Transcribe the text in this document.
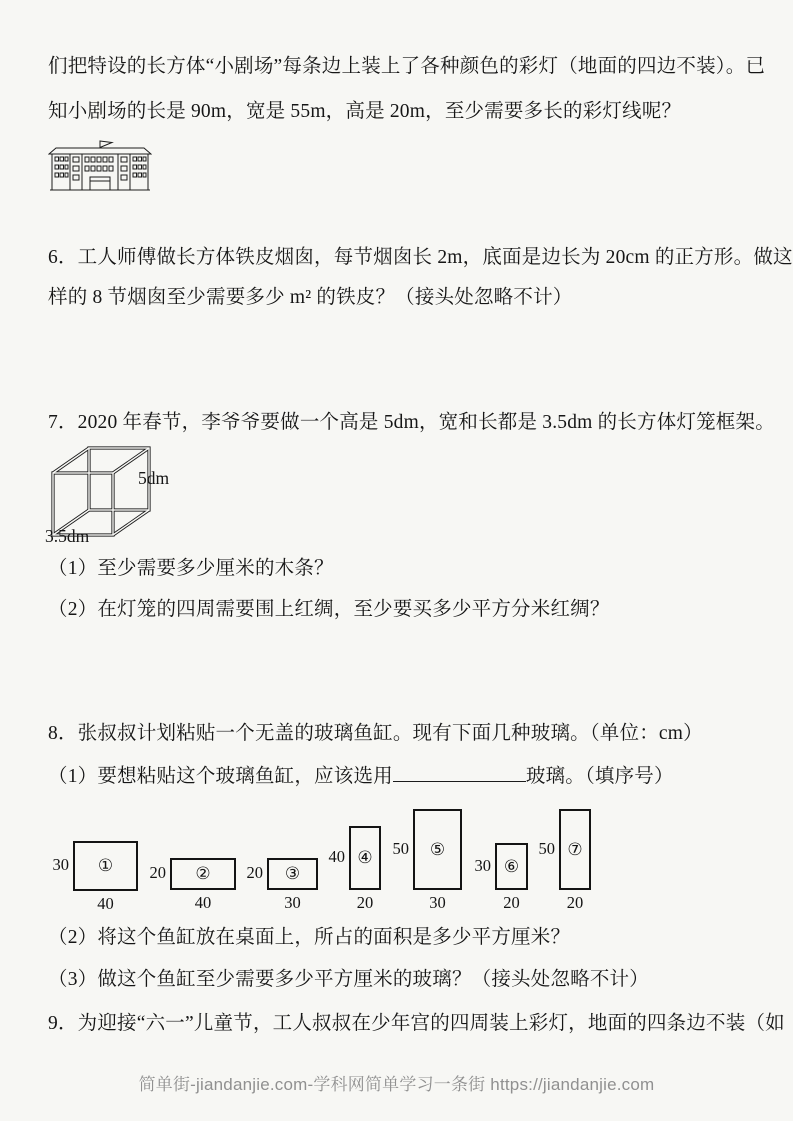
们把特设的长方体“小剧场”每条边上装上了各种颜色的彩灯（地面的四边不装）。已
知小剧场的长是 90m，宽是 55m，高是 20m，至少需要多长的彩灯线呢？
6．工人师傅做长方体铁皮烟囱，每节烟囱长 2m，底面是边长为 20cm 的正方形。做这
样的 8 节烟囱至少需要多少 m² 的铁皮？（接头处忽略不计）
7．2020 年春节，李爷爷要做一个高是 5dm，宽和长都是 3.5dm 的长方体灯笼框架。
5dm
3.5dm
（1）至少需要多少厘米的木条？
（2）在灯笼的四周需要围上红绸，至少要买多少平方分米红绸？
8．张叔叔计划粘贴一个无盖的玻璃鱼缸。现有下面几种玻璃。（单位：cm）
（1）要想粘贴这个玻璃鱼缸，应该选用	玻璃。（填序号）
①
30
40
②
20
40
③
20
30
④
40
20
⑤
50
30
⑥
30
20
⑦
50
20
（2）将这个鱼缸放在桌面上，所占的面积是多少平方厘米？
（3）做这个鱼缸至少需要多少平方厘米的玻璃？（接头处忽略不计）
9．为迎接“六一”儿童节，工人叔叔在少年宫的四周装上彩灯，地面的四条边不装（如
简单街-jiandanjie.com-学科网简单学习一条街 https://jiandanjie.com
